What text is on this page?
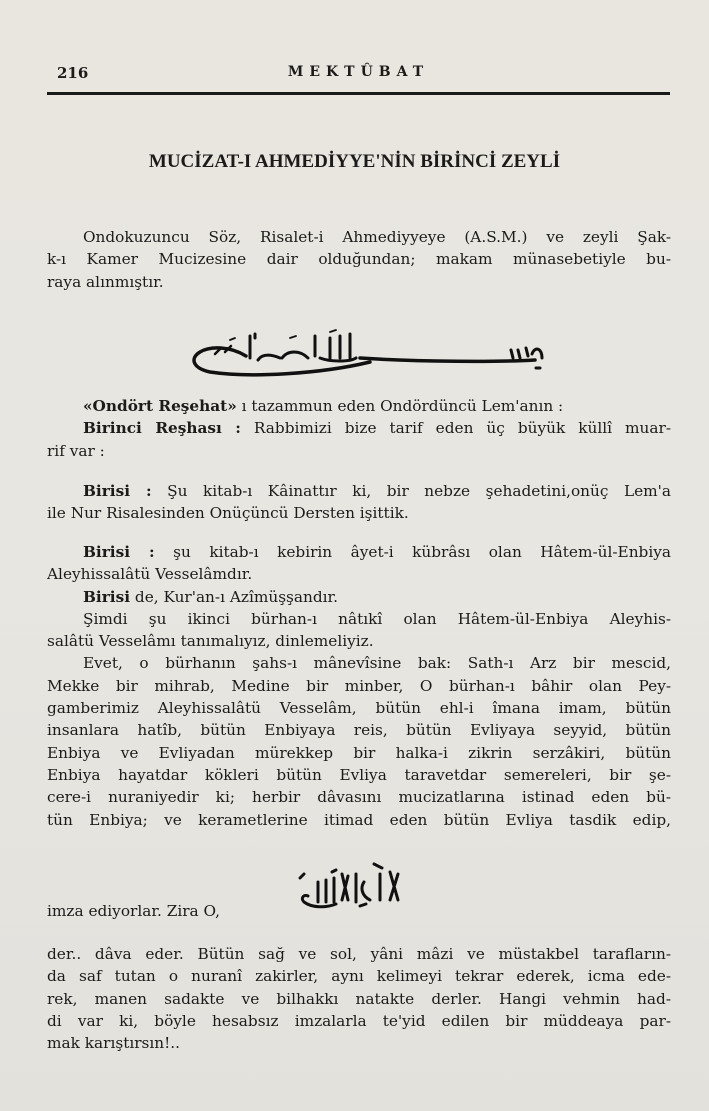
216	MEKTÛBAT
MUCİZAT-I AHMEDİYYE'NİN BİRİNCİ ZEYLİ
Ondokuzuncu Söz, Risalet-i Ahmediyyeye (A.S.M.) ve zeyli Şak-
k-ı Kamer Mucizesine dair olduğundan; makam münasebetiyle bu-
raya alınmıştır.
«Ondört Reşehat» ı tazammun eden Ondördüncü Lem'anın :
Birinci Reşhası : Rabbimizi bize tarif eden üç büyük küllî muar-
rif var :
Birisi : Şu kitab-ı Kâinattır ki, bir nebze şehadetini,onüç Lem'a
ile Nur Risalesinden Onüçüncü Dersten işittik.
Birisi : şu kitab-ı kebirin âyet-i kübrâsı olan Hâtem-ül-Enbiya
Aleyhissalâtü Vesselâmdır.
Birisi de, Kur'an-ı Azîmüşşandır.
Şimdi şu ikinci bürhan-ı nâtıkî olan Hâtem-ül-Enbiya Aleyhis-
salâtü Vesselâmı tanımalıyız, dinlemeliyiz.
Evet, o bürhanın şahs-ı mânevîsine bak: Sath-ı Arz bir mescid,
Mekke bir mihrab, Medine bir minber, O bürhan-ı bâhir olan Pey-
gamberimiz Aleyhissalâtü Vesselâm, bütün ehl-i îmana imam, bütün
insanlara hatîb, bütün Enbiyaya reis, bütün Evliyaya seyyid, bütün
Enbiya ve Evliyadan mürekkep bir halka-i zikrin serzâkiri, bütün
Enbiya hayatdar kökleri bütün Evliya taravetdar semereleri, bir şe-
cere-i nuraniyedir ki; herbir dâvasını mucizatlarına istinad eden bü-
tün Enbiya; ve kerametlerine itimad eden bütün Evliya tasdik edip,
imza ediyorlar. Zira O,
der.. dâva eder. Bütün sağ ve sol, yâni mâzi ve müstakbel tarafların-
da saf tutan o nuranî zakirler, aynı kelimeyi tekrar ederek, icma ede-
rek, manen sadakte ve bilhakkı natakte derler. Hangi vehmin had-
di var ki, böyle hesabsız imzalarla te'yid edilen bir müddeaya par-
mak karıştırsın!..
